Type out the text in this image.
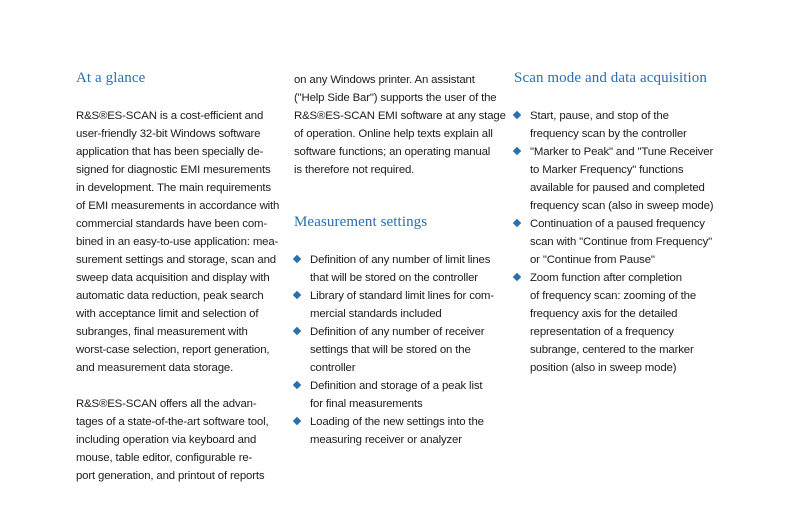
At a glance
R&S®ES-SCAN is a cost-efficient and
user-friendly 32-bit Windows software
application that has been specially de-
signed for diagnostic EMI mesurements
in development. The main requirements
of EMI measurements in accordance with
commercial standards have been com-
bined in an easy-to-use application: mea-
surement settings and storage, scan and
sweep data acquisition and display with
automatic data reduction, peak search
with acceptance limit and selection of
subranges, final measurement with
worst-case selection, report generation,
and measurement data storage.
R&S®ES-SCAN offers all the advan-
tages of a state-of-the-art software tool,
including operation via keyboard and
mouse, table editor, configurable re-
port generation, and printout of reports
on any Windows printer. An assistant
("Help Side Bar") supports the user of the
R&S®ES-SCAN EMI software at any stage
of operation. Online help texts explain all
software functions; an operating manual
is therefore not required.
Measurement settings
Definition of any number of limit lines
that will be stored on the controller
Library of standard limit lines for com-
mercial standards included
Definition of any number of receiver
settings that will be stored on the
controller
Definition and storage of a peak list
for final measurements
Loading of the new settings into the
measuring receiver or analyzer
Scan mode and data acquisition
Start, pause, and stop of the
frequency scan by the controller
"Marker to Peak" and "Tune Receiver
to Marker Frequency" functions
available for paused and completed
frequency scan (also in sweep mode)
Continuation of a paused frequency
scan with "Continue from Frequency"
or "Continue from Pause"
Zoom function after completion
of frequency scan: zooming of the
frequency axis for the detailed
representation of a frequency
subrange, centered to the marker
position (also in sweep mode)
